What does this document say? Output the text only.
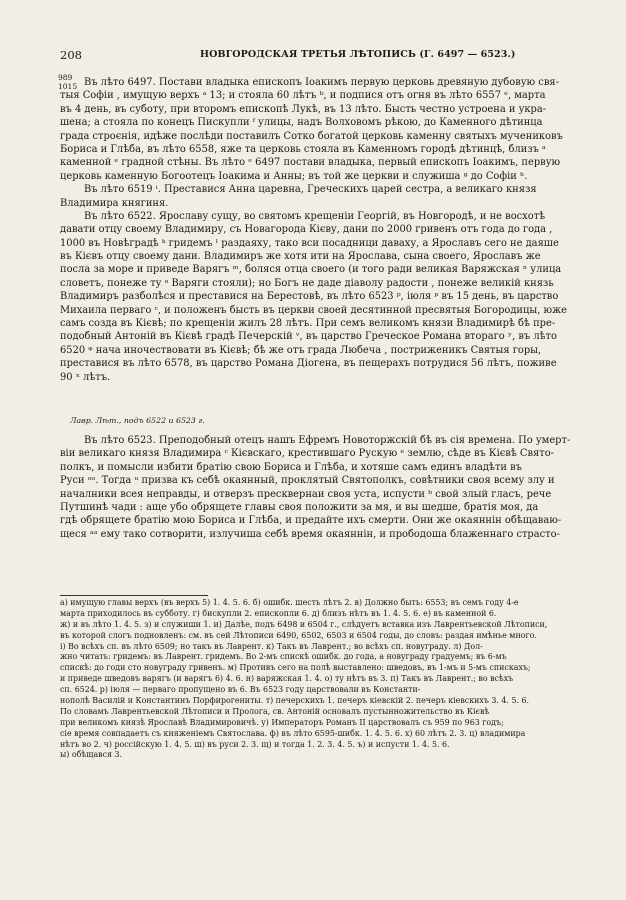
208	НОВГОРОДСКАЯ ТРЕТЬЯ ЛѢТОПИСЬ (Г. 6497 — 6523.)
989
1015 Въ лѣто 6497. Постави владыка епископъ Іоакимъ первую церковь древяную дубовую свя-
тыя Софіи , имущую верхъ ᵃ 13; и стояла 60 лѣтъ ᵇ, и подпися отъ огня въ лѣто 6557 ᵉ, марта
въ 4 день, въ суботу, при второмъ епископѣ Лукѣ, въ 13 лѣто. Бысть честно устроена и укра-
шена; а стояла по конецъ Пискупли ᶠ улицы, надъ Волховомъ рѣкою, до Каменного дѣтинца
града строєнія, идѣже послѣди поставилъ Сотко богатой церковь каменну святыхъ мучениковъ
Бориса и Глѣба, въ лѣто 6558, яже та церковь стояла въ Каменномъ городѣ дѣтинцѣ, близъ ᵃ
каменной ᵉ градной стѣны. Въ лѣто ᵉ 6497 постави владыка, первый епископъ Іоакимъ, первую
церковь каменную Богоотецъ Іоакима и Анны; въ той же церкви и служиша ᵍ до Софіи ʰ.
Въ лѣто 6519 ⁱ. Преставися Анна царевна, Греческихъ царей сестра, а великаго князя
Владимира княгиня.
Въ лѣто 6522. Ярославу сущу, во святомъ крещеніи Георгій, въ Новгородѣ, и не восхотѣ
давати отцу своему Владимиру, съ Новагорода Кієву, дани по 2000 гривенъ отъ года до года ,
1000 въ Новѣгрaдѣ ᵏ гридемъ ˡ раздаяху, тако вси посадници даваху, а Ярославъ сего не даяше
въ Кієвъ отцу своему дани. Владимиръ же хотя ити на Ярослава, сына своего, Ярославъ же
посла за море и приведе Варягъ ᵐ, боляся отца своего (и того ради великая Варяжская ⁿ улица
словетъ, понеже ту ᵒ Варяги стояли); но Богъ не даде діаволу радости , понеже великій князь
Владимиръ разболѣся и преставися на Берестовѣ, въ лѣто 6523 ᵖ, іюля ᵖ въ 15 день, въ царство
Михаила перваго ᶜ, и положенъ бысть въ церкви своей десятинной пресвятыя Богородицы, юже
самъ созда въ Кієвѣ; по крещеніи жилъ 28 лѣтъ. При семъ великомъ князи Владимирѣ бѣ пре-
подобный Антоній въ Кієвѣ градѣ Печерскій ᵛ, въ царство Греческое Романа втораго ʸ, въ лѣто
6520 ᵠ нача иночествовати въ Кієвѣ; бѣ же отъ града Любеча , постриженикъ Святыя горы,
преставися въ лѣто 6578, въ царство Романа Діогена, въ пещерахъ потрудися 56 лѣтъ, поживе
90 ˣ лѣтъ.
Лавр. Лѣт., подъ 6522 и 6523 г.
Въ лѣто 6523. Преподобный отецъ нашъ Ефремъ Новоторжскій бѣ въ сія времена. По умерт-
віи великаго князя Владимира ᶜ Кієвскаго, крестившаго Рускую ᵉ землю, сѣде въ Кієвѣ Свято-
полкъ, и помысли избити братію свою Бориса и Глѣба, и хотяше самъ единъ владѣти въ
Руси ᵒᵒ. Тогда ᵘ призва къ себѣ окаянный, проклятый Святополкъ, совѣтники своя всему злу и
началники всея неправды, и отверзъ пресквернаи своя уста, испусти ᵇ свой злый гласъ, рече
Путшинѣ чади : аще убо обрящете главы своя положити за мя, и вы шедше, братія моя, да
гдѣ обрящете братію мою Бориса и Глѣба, и предайте ихъ смерти. Они же окаяннін обѣщаваю-
щеся ᵃᵃ ему тако сотворити, излучиша себѣ время окаяннін, и прободоша блаженнаго страсто-
а) имущую главы верхъ (въ верхъ 5) 1. 4. 5. 6. б) ошибк. шесть лѣтъ 2. в) Должно быть: 6553; въ семъ году 4-е
марта приходилось въ субботу. г) бискупли 2. епископли 6. д) близъ нѣтъ въ 1. 4. 5. 6. е) въ каменной 6.
ж) и въ лѣто 1. 4. 5. з) и служиши 1. и) Далѣе, подъ 6498 и 6504 г., слѣдуетъ вставка изъ Лаврентьевской Лѣтописи,
въ которой слогъ подновленъ: см. въ сей Лѣтописи 6490, 6502, 6503 и 6504 годы, до словъ: раздая имѣнье много.
і) Во всѣхъ сп. въ лѣто 6509; но такъ въ Лаврент. к) Такъ въ Лаврент.; во всѣхъ сп. новуграду. л) Дол-
жно читать: гридемъ: въ Лаврент. гридемъ. Во 2-мъ спискѣ ошибк. до года, а новуграду градуемъ; въ 6-мъ
спискѣ: до годи сто новуграду гривенъ. м) Противъ сего на полѣ выставлено: шведовъ, въ 1-мъ и 5-мъ спискахъ;
и приведе шведовъ варягъ (и варягъ 6) 4. 6. н) варяжская 1. 4. о) ту нѣтъ въ 3. п) Такъ въ Лаврент.; во всѣхъ
сп. 6524. р) іюля — перваго пропущено въ 6. Въ 6523 году царствовали въ Константи-
нополѣ Василій и Константинъ Порфирогениты. т) печерскихъ 1. печеръ кіевскій 2. печеръ кіевскихъ 3. 4. 5. 6.
По словамъ Лаврентьевской Лѣтописи и Пролога, св. Антоній основалъ пустынножительство въ Кієвѣ
при великомъ князѣ Ярославѣ Владимировичѣ. у) Императоръ Романъ II царствовалъ съ 959 по 963 годъ;
сіе время совпадаетъ съ княженіемъ Святослава. ф) въ лѣто 6595-шибк. 1. 4. 5. 6. х) 60 лѣтъ 2. 3. ц) владимира
нѣтъ во 2. ч) россійскую 1. 4. 5. ш) въ руси 2. 3. щ) и тогда 1. 2. 3. 4. 5. ъ) и испусти 1. 4. 5. 6.
ы) обѣщався 3.
